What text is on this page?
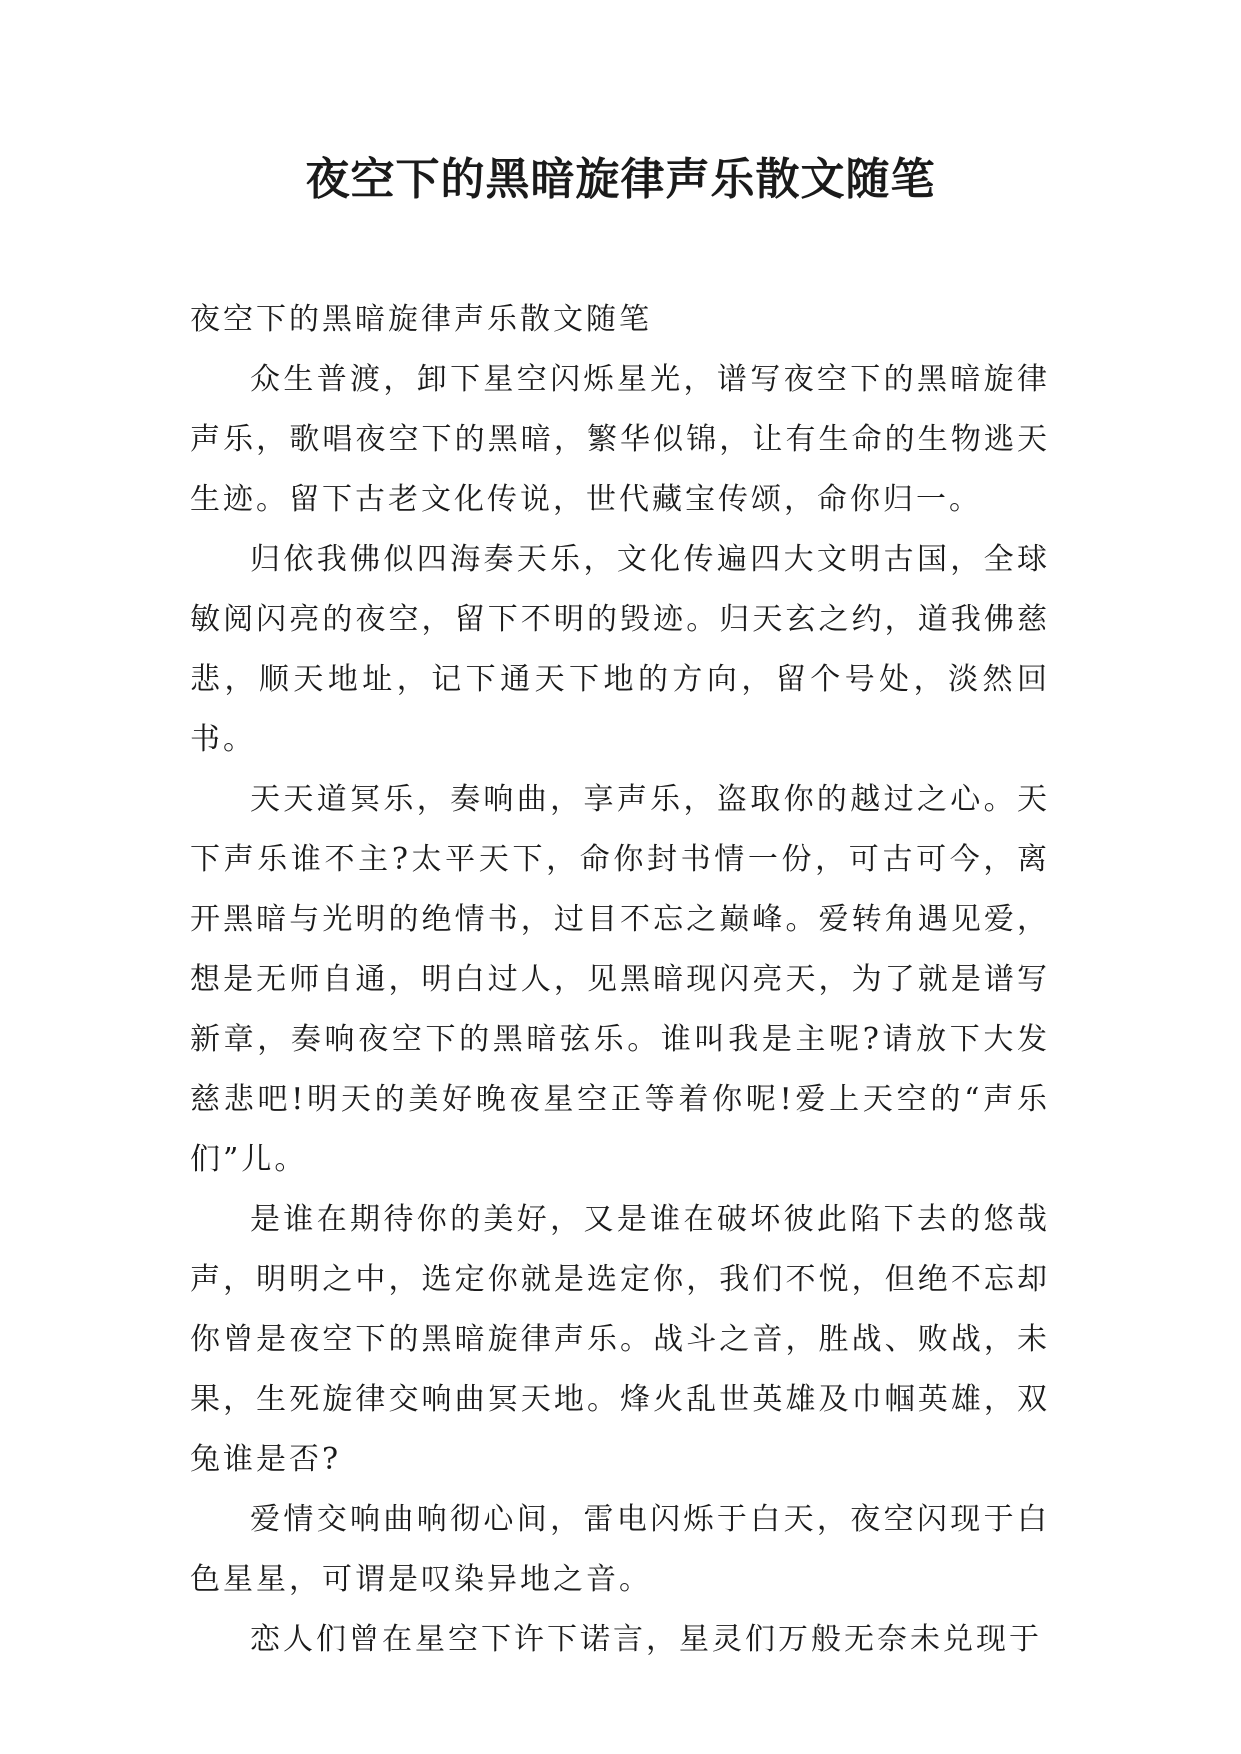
夜空下的黑暗旋律声乐散文随笔

夜空下的黑暗旋律声乐散文随笔

众生普渡，卸下星空闪烁星光，谱写夜空下的黑暗旋律声乐，歌唱夜空下的黑暗，繁华似锦，让有生命的生物逃天生迹。留下古老文化传说，世代藏宝传颂，命你归一。

归依我佛似四海奏天乐，文化传遍四大文明古国，全球敏阅闪亮的夜空，留下不明的毁迹。归天玄之约，道我佛慈悲，顺天地址，记下通天下地的方向，留个号处，淡然回书。

天天道冥乐，奏响曲，享声乐，盗取你的越过之心。天下声乐谁不主?太平天下，命你封书情一份，可古可今，离开黑暗与光明的绝情书，过目不忘之巅峰。爱转角遇见爱，想是无师自通，明白过人，见黑暗现闪亮天，为了就是谱写新章，奏响夜空下的黑暗弦乐。谁叫我是主呢?请放下大发慈悲吧!明天的美好晚夜星空正等着你呢!爱上天空的“声乐们”儿。

是谁在期待你的美好，又是谁在破坏彼此陷下去的悠哉声，明明之中，选定你就是选定你，我们不悦，但绝不忘却你曾是夜空下的黑暗旋律声乐。战斗之音，胜战、败战，未果，生死旋律交响曲冥天地。烽火乱世英雄及巾帼英雄，双兔谁是否?

爱情交响曲响彻心间，雷电闪烁于白天，夜空闪现于白色星星，可谓是叹染异地之音。

恋人们曾在星空下许下诺言，星灵们万般无奈未兑现于
